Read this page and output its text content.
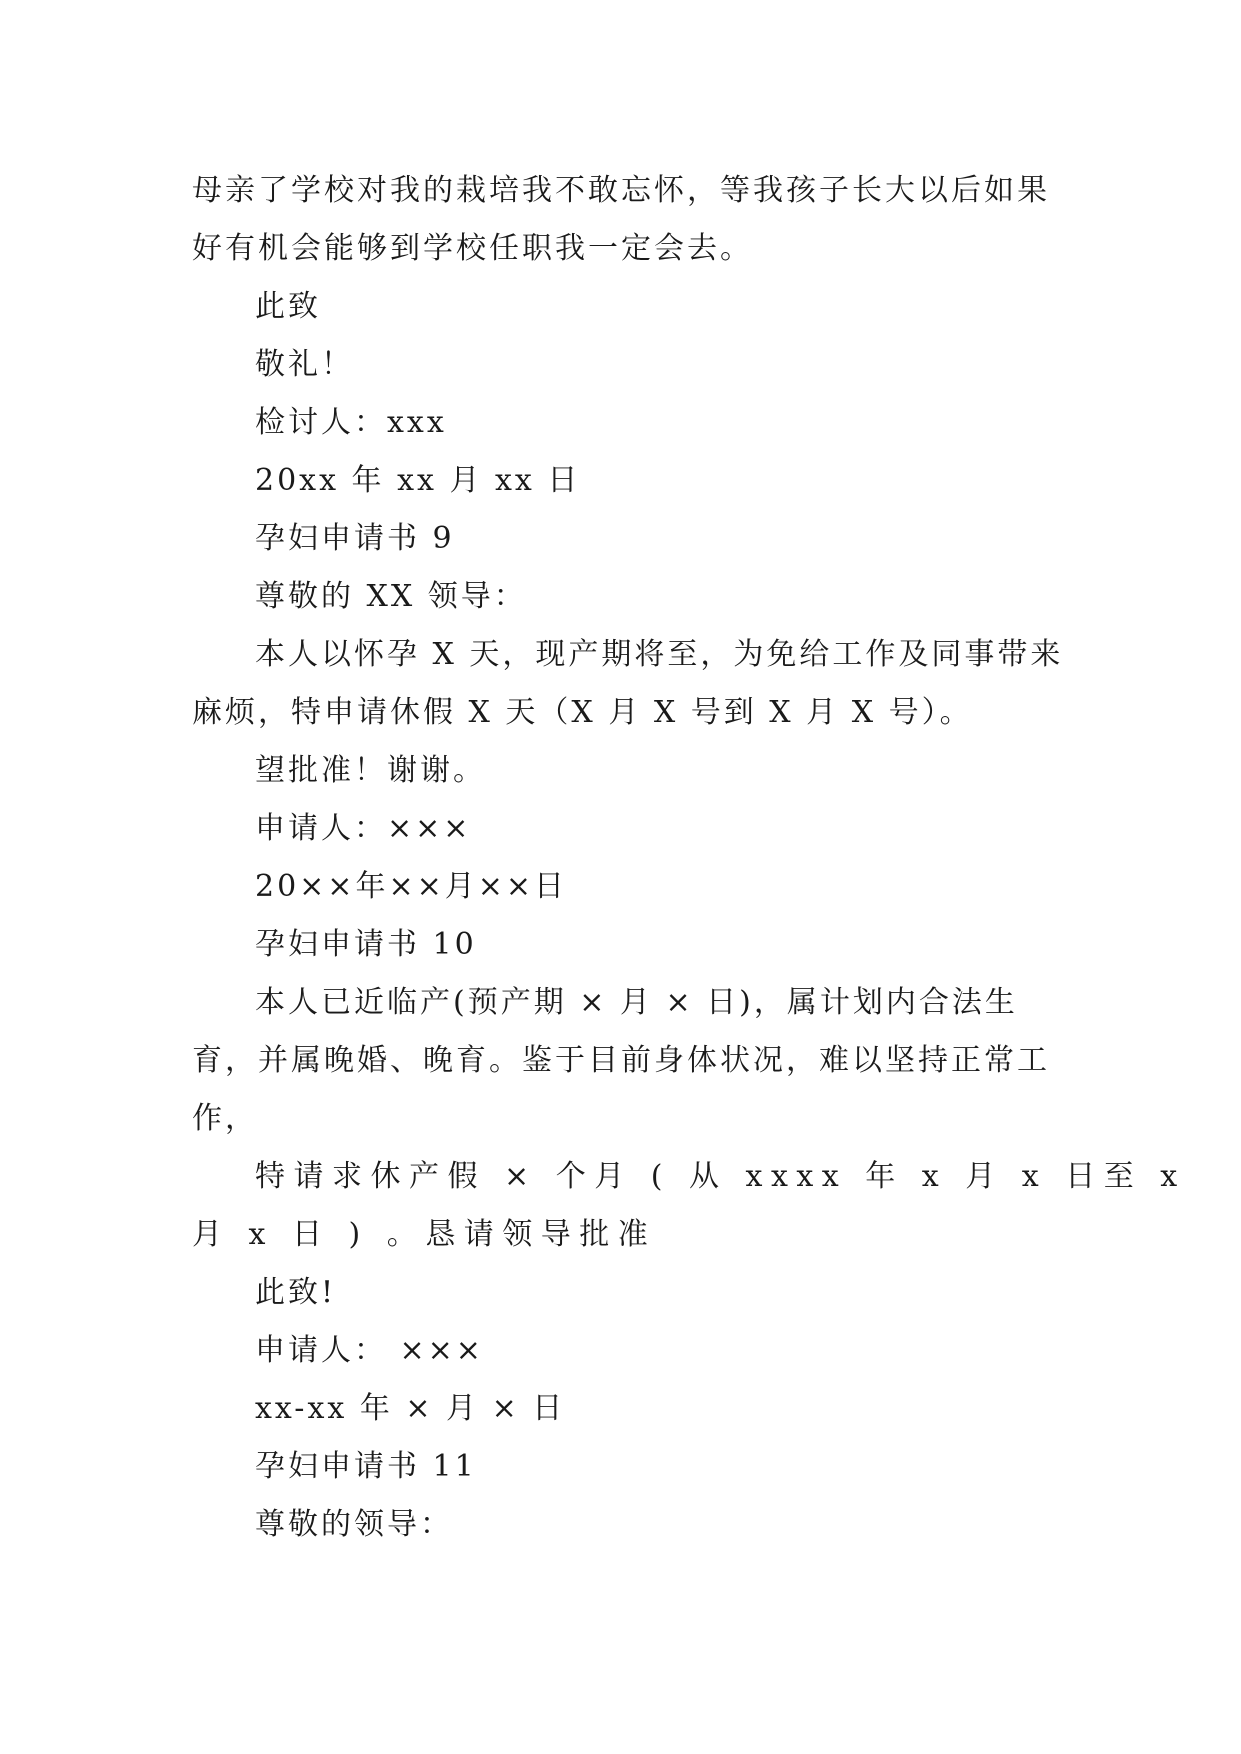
母亲了学校对我的栽培我不敢忘怀，等我孩子长大以后如果
好有机会能够到学校任职我一定会去。
此致
敬礼！
检讨人：xxx
20xx 年 xx 月 xx 日
孕妇申请书 9
尊敬的 XX 领导：
本人以怀孕 X 天，现产期将至，为免给工作及同事带来
麻烦，特申请休假 X 天（X 月 X 号到 X 月 X 号）。
望批准！谢谢。
申请人：×××
20××年××月××日
孕妇申请书 10
本人已近临产(预产期 × 月 × 日)，属计划内合法生
育，并属晚婚、晚育。鉴于目前身体状况，难以坚持正常工
作，
特请求休产假 × 个月 ( 从 xxxx 年 x 月 x 日至 x
月 x 日 ) 。恳请领导批准
此致!
申请人： ×××
xx-xx 年 × 月 × 日
孕妇申请书 11
尊敬的领导：
